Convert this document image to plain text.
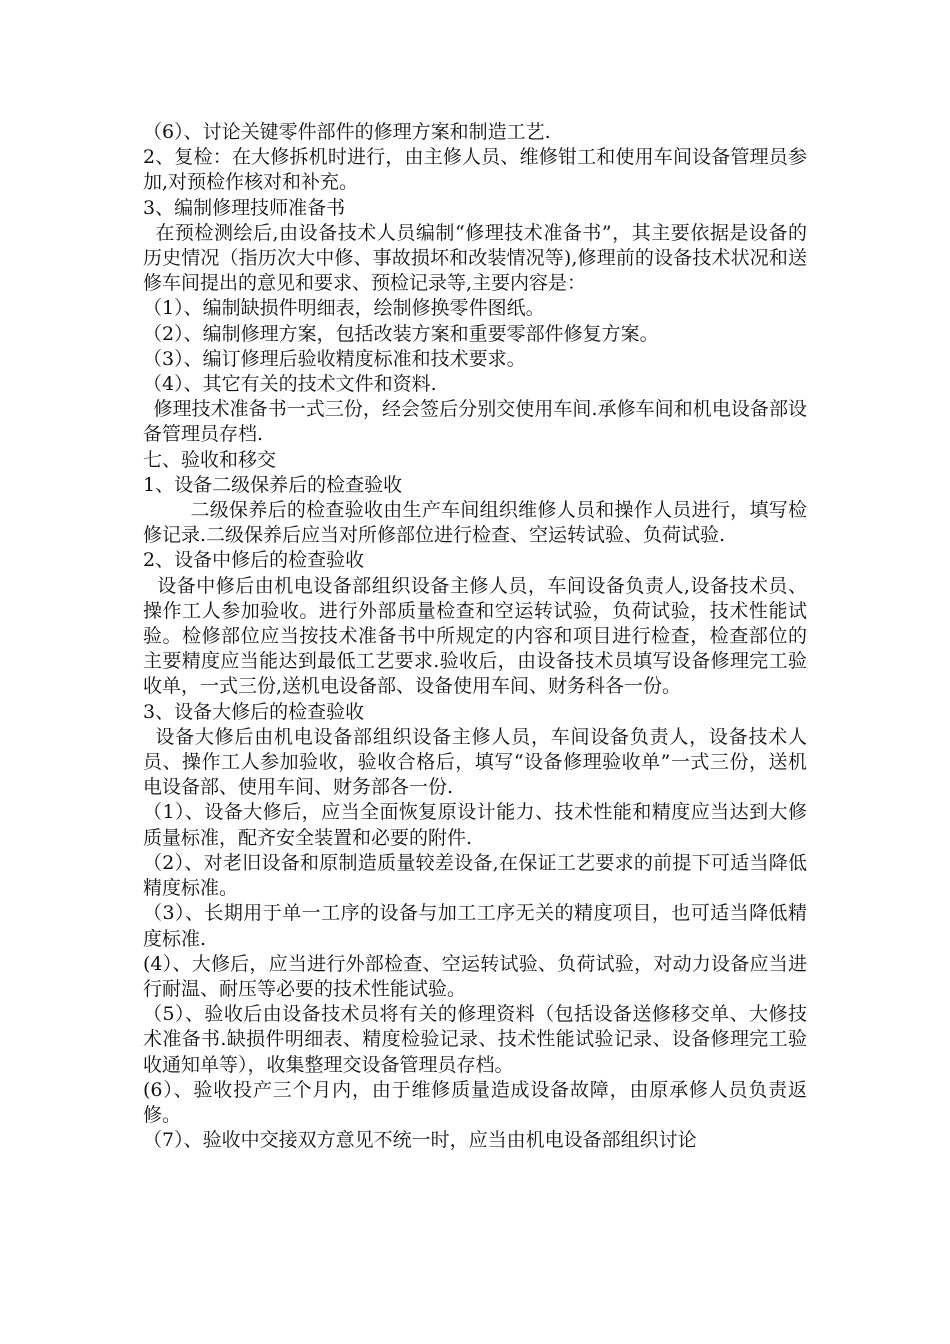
（6）、讨论关键零件部件的修理方案和制造工艺.

2、复检：在大修拆机时进行，由主修人员、维修钳工和使用车间设备管理员参加,对预检作核对和补充。

3、编制修理技师准备书

在预检测绘后,由设备技术人员编制“修理技术准备书”，其主要依据是设备的历史情况（指历次大中修、事故损坏和改装情况等),修理前的设备技术状况和送修车间提出的意见和要求、预检记录等,主要内容是：

（1）、编制缺损件明细表，绘制修换零件图纸。

（2）、编制修理方案，包括改装方案和重要零部件修复方案。

（3）、编订修理后验收精度标准和技术要求。

（4）、其它有关的技术文件和资料.

修理技术准备书一式三份，经会签后分别交使用车间.承修车间和机电设备部设备管理员存档.

七、验收和移交

1、设备二级保养后的检查验收

二级保养后的检查验收由生产车间组织维修人员和操作人员进行，填写检修记录.二级保养后应当对所修部位进行检查、空运转试验、负荷试验.

2、设备中修后的检查验收

设备中修后由机电设备部组织设备主修人员，车间设备负责人,设备技术员、操作工人参加验收。进行外部质量检查和空运转试验，负荷试验，技术性能试验。检修部位应当按技术准备书中所规定的内容和项目进行检查，检查部位的主要精度应当能达到最低工艺要求.验收后，由设备技术员填写设备修理完工验收单，一式三份,送机电设备部、设备使用车间、财务科各一份。

3、设备大修后的检查验收

设备大修后由机电设备部组织设备主修人员，车间设备负责人，设备技术人员、操作工人参加验收，验收合格后，填写“设备修理验收单”一式三份，送机电设备部、使用车间、财务部各一份.

（1）、设备大修后，应当全面恢复原设计能力、技术性能和精度应当达到大修质量标准，配齐安全装置和必要的附件.

（2）、对老旧设备和原制造质量较差设备,在保证工艺要求的前提下可适当降低精度标准。

（3）、长期用于单一工序的设备与加工工序无关的精度项目，也可适当降低精度标准.

(4）、大修后，应当进行外部检查、空运转试验、负荷试验，对动力设备应当进行耐温、耐压等必要的技术性能试验。

（5）、验收后由设备技术员将有关的修理资料（包括设备送修移交单、大修技术准备书.缺损件明细表、精度检验记录、技术性能试验记录、设备修理完工验收通知单等），收集整理交设备管理员存档。

(6）、验收投产三个月内，由于维修质量造成设备故障，由原承修人员负责返修。

（7）、验收中交接双方意见不统一时，应当由机电设备部组织讨论
